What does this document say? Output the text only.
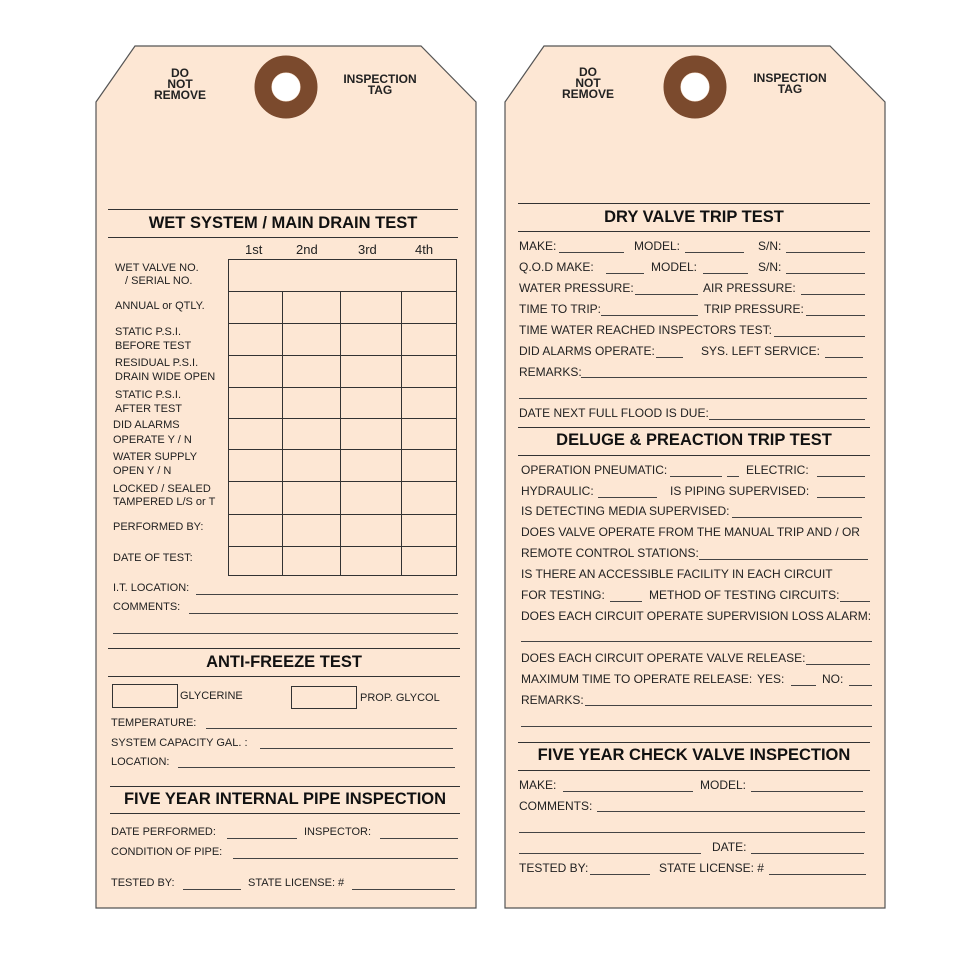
DO
NOT
REMOVE
INSPECTION
TAG
WET SYSTEM / MAIN DRAIN TEST
1st	2nd	3rd	4th
WET VALVE NO.
/ SERIAL NO.
ANNUAL or QTLY.
STATIC P.S.I.
BEFORE TEST
RESIDUAL P.S.I.
DRAIN WIDE OPEN
STATIC P.S.I.
AFTER TEST
DID ALARMS
OPERATE Y / N
WATER SUPPLY
OPEN Y / N
LOCKED / SEALED
TAMPERED L/S or T
PERFORMED BY:
DATE OF TEST:
I.T. LOCATION:
COMMENTS:
ANTI-FREEZE TEST
GLYCERINE	PROP. GLYCOL
TEMPERATURE:
SYSTEM CAPACITY GAL. :
LOCATION:
FIVE YEAR INTERNAL PIPE INSPECTION
DATE PERFORMED:	INSPECTOR:
CONDITION OF PIPE:
TESTED BY:	STATE LICENSE: #
DO
NOT
REMOVE
INSPECTION
TAG
DRY VALVE TRIP TEST
MAKE:	MODEL:	S/N:
Q.O.D MAKE:	MODEL:	S/N:
WATER PRESSURE:	AIR PRESSURE:
TIME TO TRIP:	TRIP PRESSURE:
TIME WATER REACHED INSPECTORS TEST:
DID ALARMS OPERATE:	SYS. LEFT SERVICE:
REMARKS:
DATE NEXT FULL FLOOD IS DUE:
DELUGE & PREACTION TRIP TEST
OPERATION PNEUMATIC:	ELECTRIC:
HYDRAULIC:	IS PIPING SUPERVISED:
IS DETECTING MEDIA SUPERVISED:
DOES VALVE OPERATE FROM THE MANUAL TRIP AND / OR
REMOTE CONTROL STATIONS:
IS THERE AN ACCESSIBLE FACILITY IN EACH CIRCUIT
FOR TESTING:	METHOD OF TESTING CIRCUITS:
DOES EACH CIRCUIT OPERATE SUPERVISION LOSS ALARM:
DOES EACH CIRCUIT OPERATE VALVE RELEASE:
MAXIMUM TIME TO OPERATE RELEASE: YES:	NO:
REMARKS:
FIVE YEAR CHECK VALVE INSPECTION
MAKE:	MODEL:
COMMENTS:
DATE:
TESTED BY:	STATE LICENSE: #
